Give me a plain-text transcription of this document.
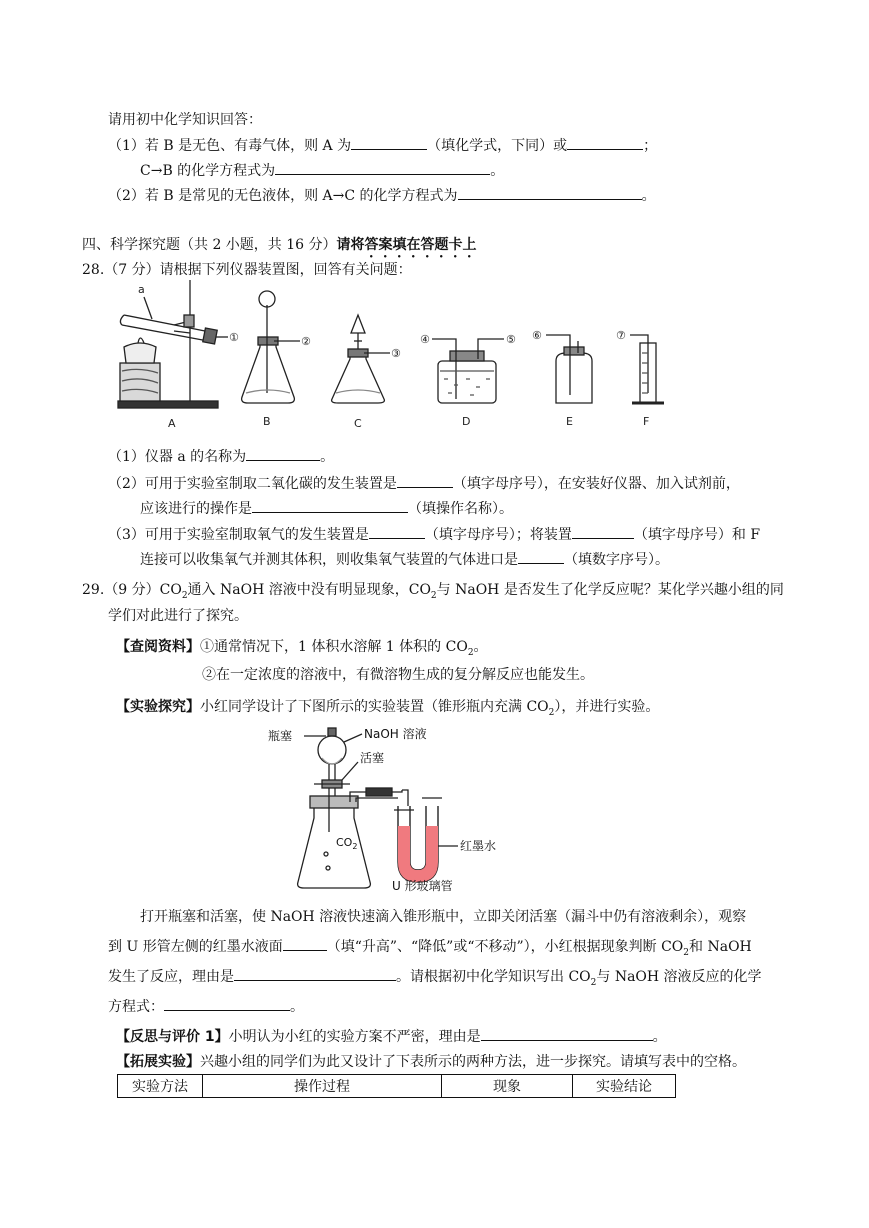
请用初中化学知识回答：
（1）若 B 是无色、有毒气体，则 A 为	（填化学式，下同）或	；
C→B 的化学方程式为	。
（2）若 B 是常见的无色液体，则 A→C 的化学方程式为	。
四、科学探究题（共 2 小题，共 16 分）请将答案填在答题卡上
28.（7 分）请根据下列仪器装置图，回答有关问题：
a
①	②
③
④	⑤ ⑥	⑦
A	B	C	D	E	F
（1）仪器 a 的名称为	。
（2）可用于实验室制取二氧化碳的发生装置是	（填字母序号），在安装好仪器、加入试剂前，
应该进行的操作是	（填操作名称）。
（3）可用于实验室制取氧气的发生装置是	（填字母序号）；将装置	（填字母序号）和 F
连接可以收集氧气并测其体积，则收集氧气装置的气体进口是	（填数字序号）。
29.（9 分）$CO_2$通入 NaOH 溶液中没有明显现象，$CO_2$与 NaOH 是否发生了化学反应呢？某化学兴趣小组的同
学们对此进行了探究。
【查阅资料】①通常情况下，1 体积水溶解 1 体积的 $CO_2$。
②在一定浓度的溶液中，有微溶物生成的复分解反应也能发生。
【实验探究】小红同学设计了下图所示的实验装置（锥形瓶内充满 $CO_2$），并进行实验。
瓶塞	NaOH 溶液
活塞
$CO_2$	红墨水
U 形玻璃管
打开瓶塞和活塞，使 NaOH 溶液快速滴入锥形瓶中，立即关闭活塞（漏斗中仍有溶液剩余），观察
到 U 形管左侧的红墨水液面	（填“升高”、“降低”或“不移动”），小红根据现象判断 $CO_2$和 NaOH
发生了反应，理由是	。请根据初中化学知识写出 $CO_2$与 NaOH 溶液反应的化学
方程式：	。
【反思与评价 1】小明认为小红的实验方案不严密，理由是	。
【拓展实验】兴趣小组的同学们为此又设计了下表所示的两种方法，进一步探究。请填写表中的空格。
实验方法	操作过程	现象	实验结论
